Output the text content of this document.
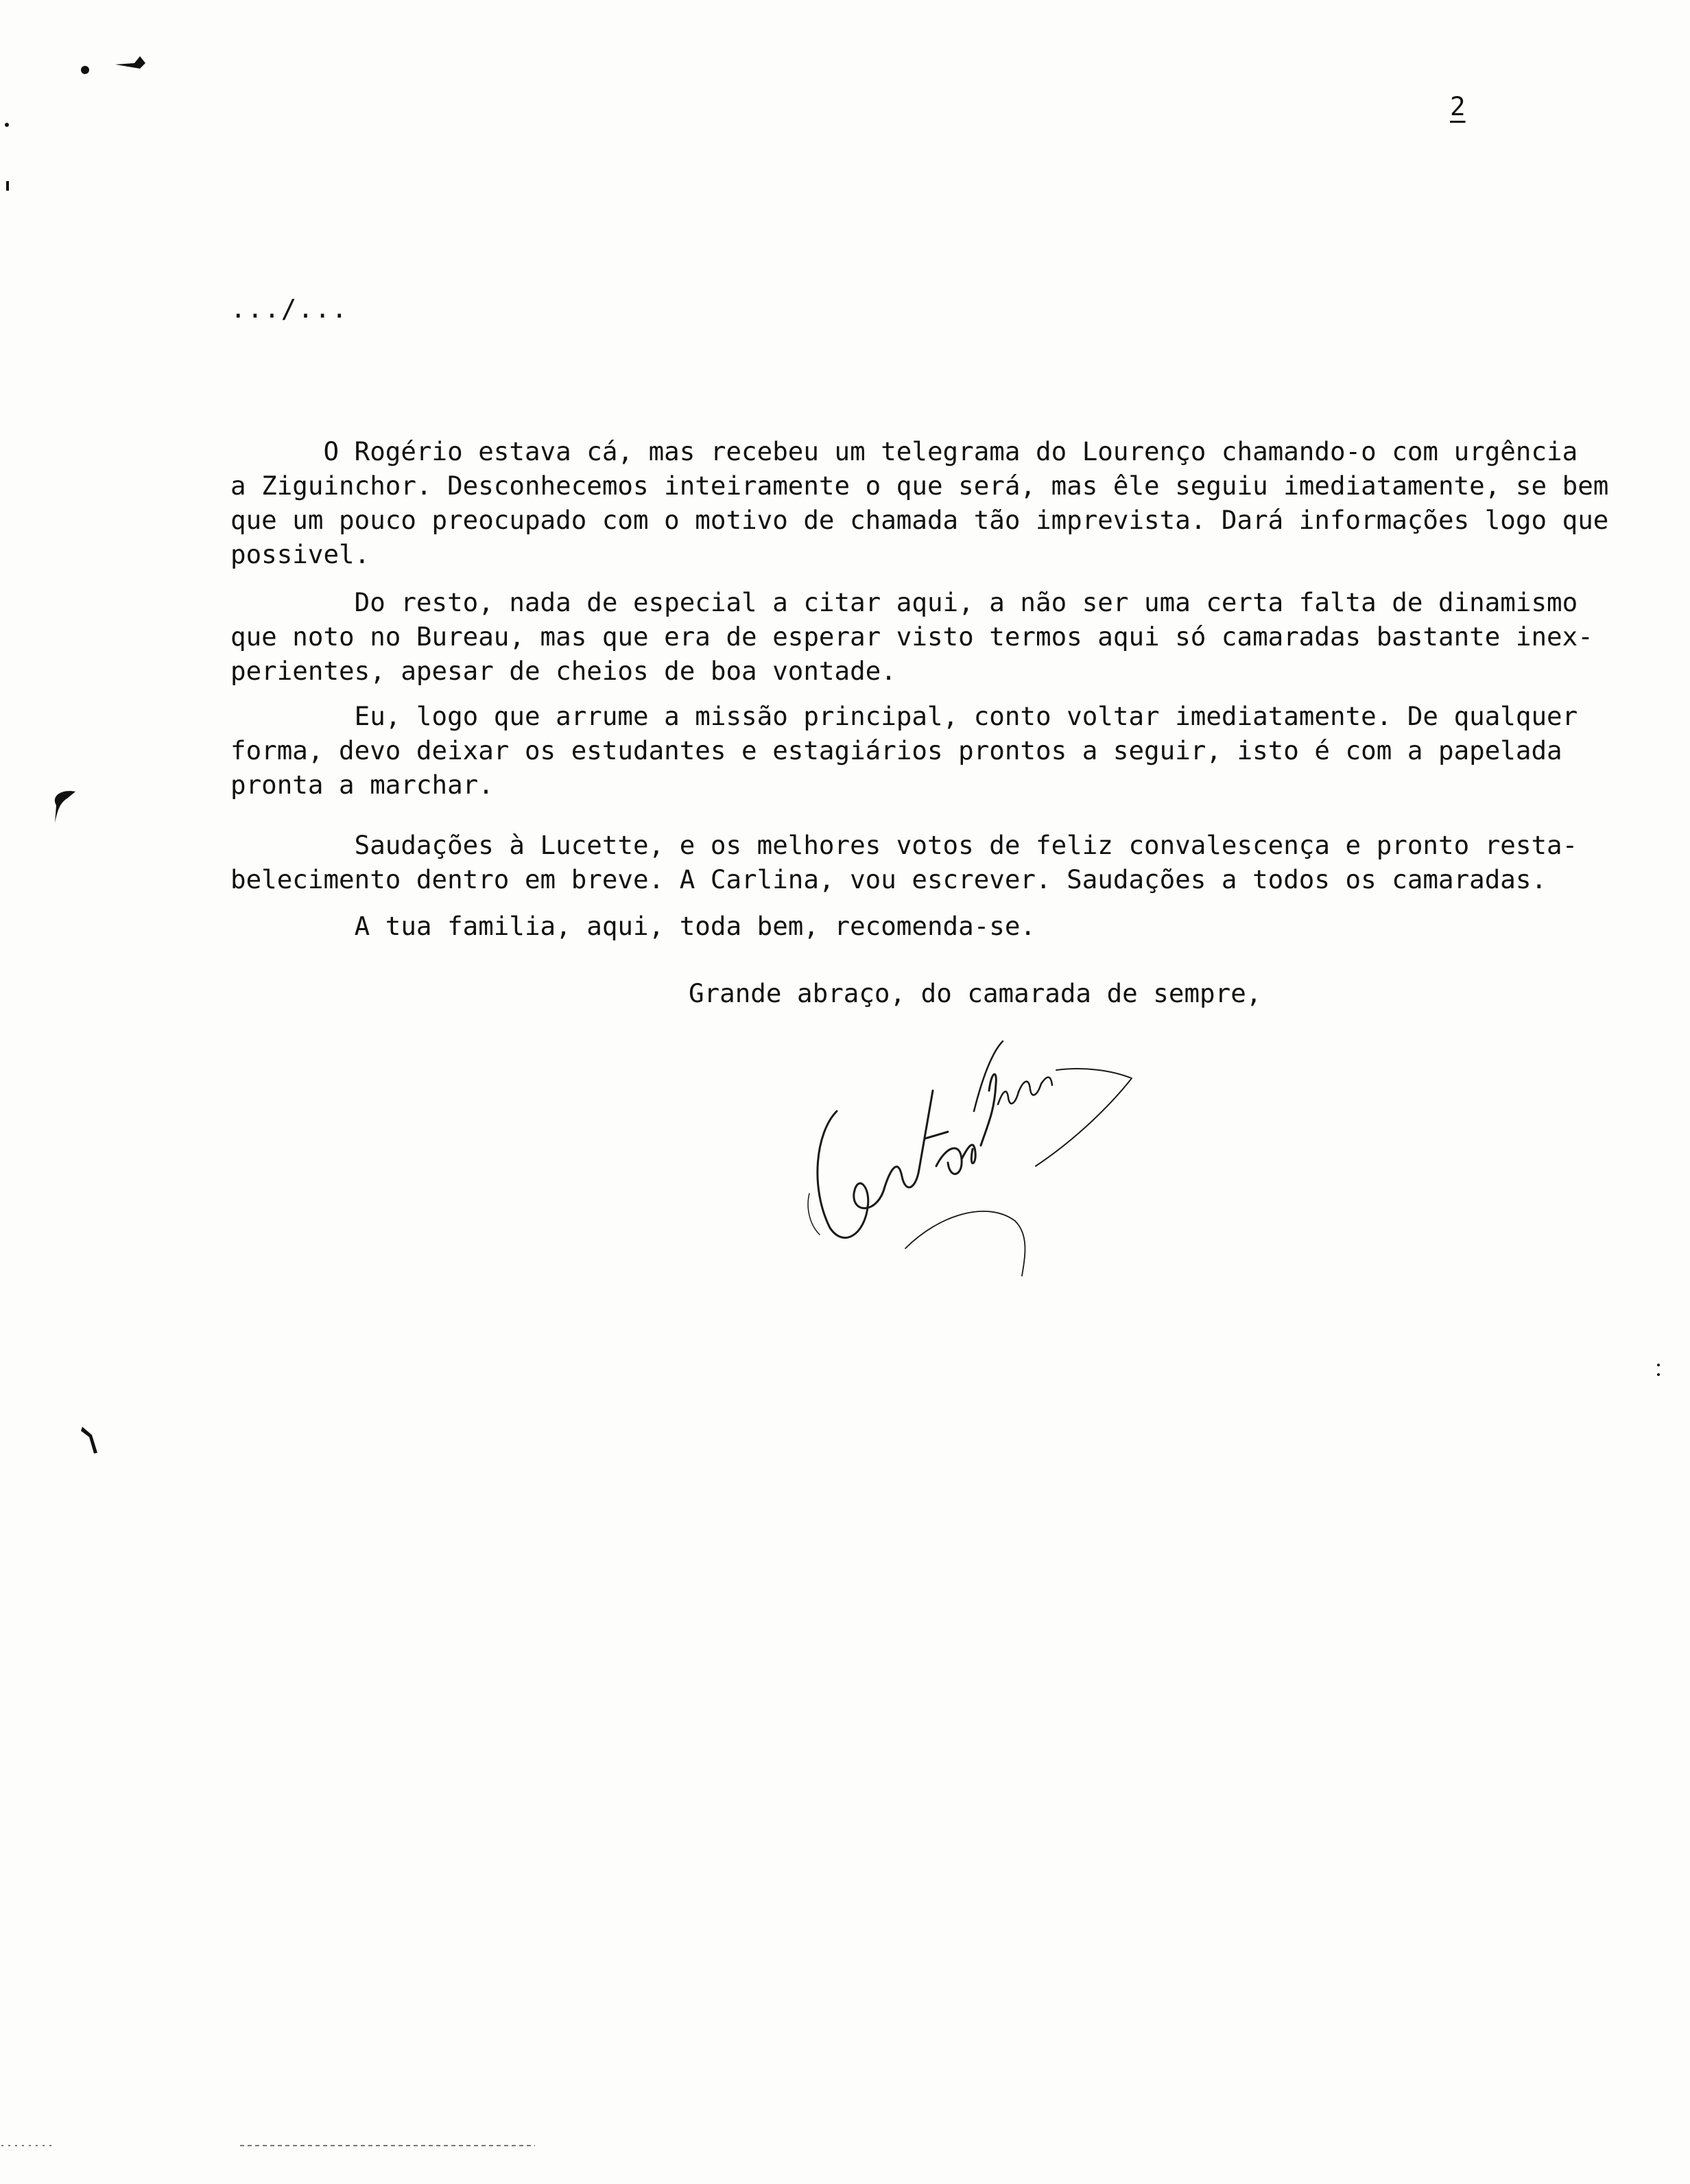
2
.../...
O Rogério estava cá, mas recebeu um telegrama do Lourenço chamando-o com urgência
a Ziguinchor. Desconhecemos inteiramente o que será, mas êle seguiu imediatamente, se bem
que um pouco preocupado com o motivo de chamada tão imprevista. Dará informações logo que
possivel.
Do resto, nada de especial a citar aqui, a não ser uma certa falta de dinamismo
que noto no Bureau, mas que era de esperar visto termos aqui só camaradas bastante inex-
perientes, apesar de cheios de boa vontade.
Eu, logo que arrume a missão principal, conto voltar imediatamente. De qualquer
forma, devo deixar os estudantes e estagiários prontos a seguir, isto é com a papelada
pronta a marchar.
Saudações à Lucette, e os melhores votos de feliz convalescença e pronto resta-
belecimento dentro em breve. A Carlina, vou escrever. Saudações a todos os camaradas.
A tua familia, aqui, toda bem, recomenda-se.
Grande abraço, do camarada de sempre,
